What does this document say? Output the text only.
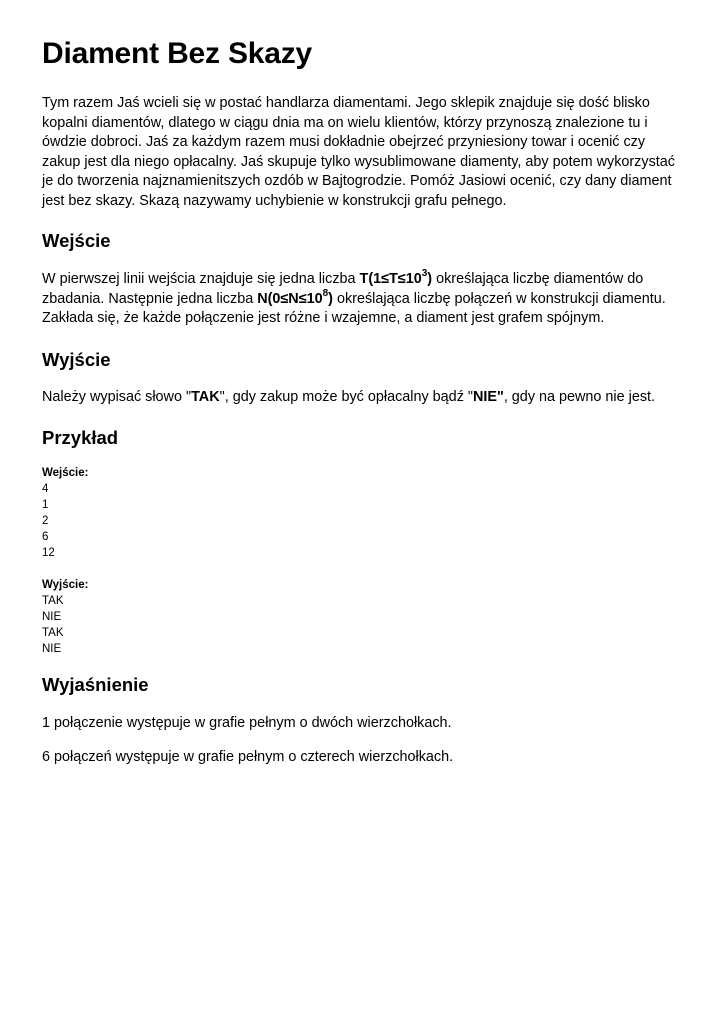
Diament Bez Skazy

Tym razem Jaś wcieli się w postać handlarza diamentami. Jego sklepik znajduje się dość blisko kopalni diamentów, dlatego w ciągu dnia ma on wielu klientów, którzy przynoszą znalezione tu i ówdzie dobroci. Jaś za każdym razem musi dokładnie obejrzeć przyniesiony towar i ocenić czy zakup jest dla niego opłacalny. Jaś skupuje tylko wysublimowane diamenty, aby potem wykorzystać je do tworzenia najznamienitszych ozdób w Bajtogrodzie. Pomóż Jasiowi ocenić, czy dany diament jest bez skazy. Skazą nazywamy uchybienie w konstrukcji grafu pełnego.

Wejście

W pierwszej linii wejścia znajduje się jedna liczba $T(1\le T\le 10^3)$ określająca liczbę diamentów do zbadania. Następnie jedna liczba $N(0\le N\le 10^8)$ określająca liczbę połączeń w konstrukcji diamentu. Zakłada się, że każde połączenie jest różne i wzajemne, a diament jest grafem spójnym.

Wyjście

Należy wypisać słowo "TAK", gdy zakup może być opłacalny bądź "NIE", gdy na pewno nie jest.

Przykład
Wejście:
4
1
2
6
12
Wyjście:
TAK
NIE
TAK
NIE
Wyjaśnienie

1 połączenie występuje w grafie pełnym o dwóch wierzchołkach.

6 połączeń występuje w grafie pełnym o czterech wierzchołkach.
